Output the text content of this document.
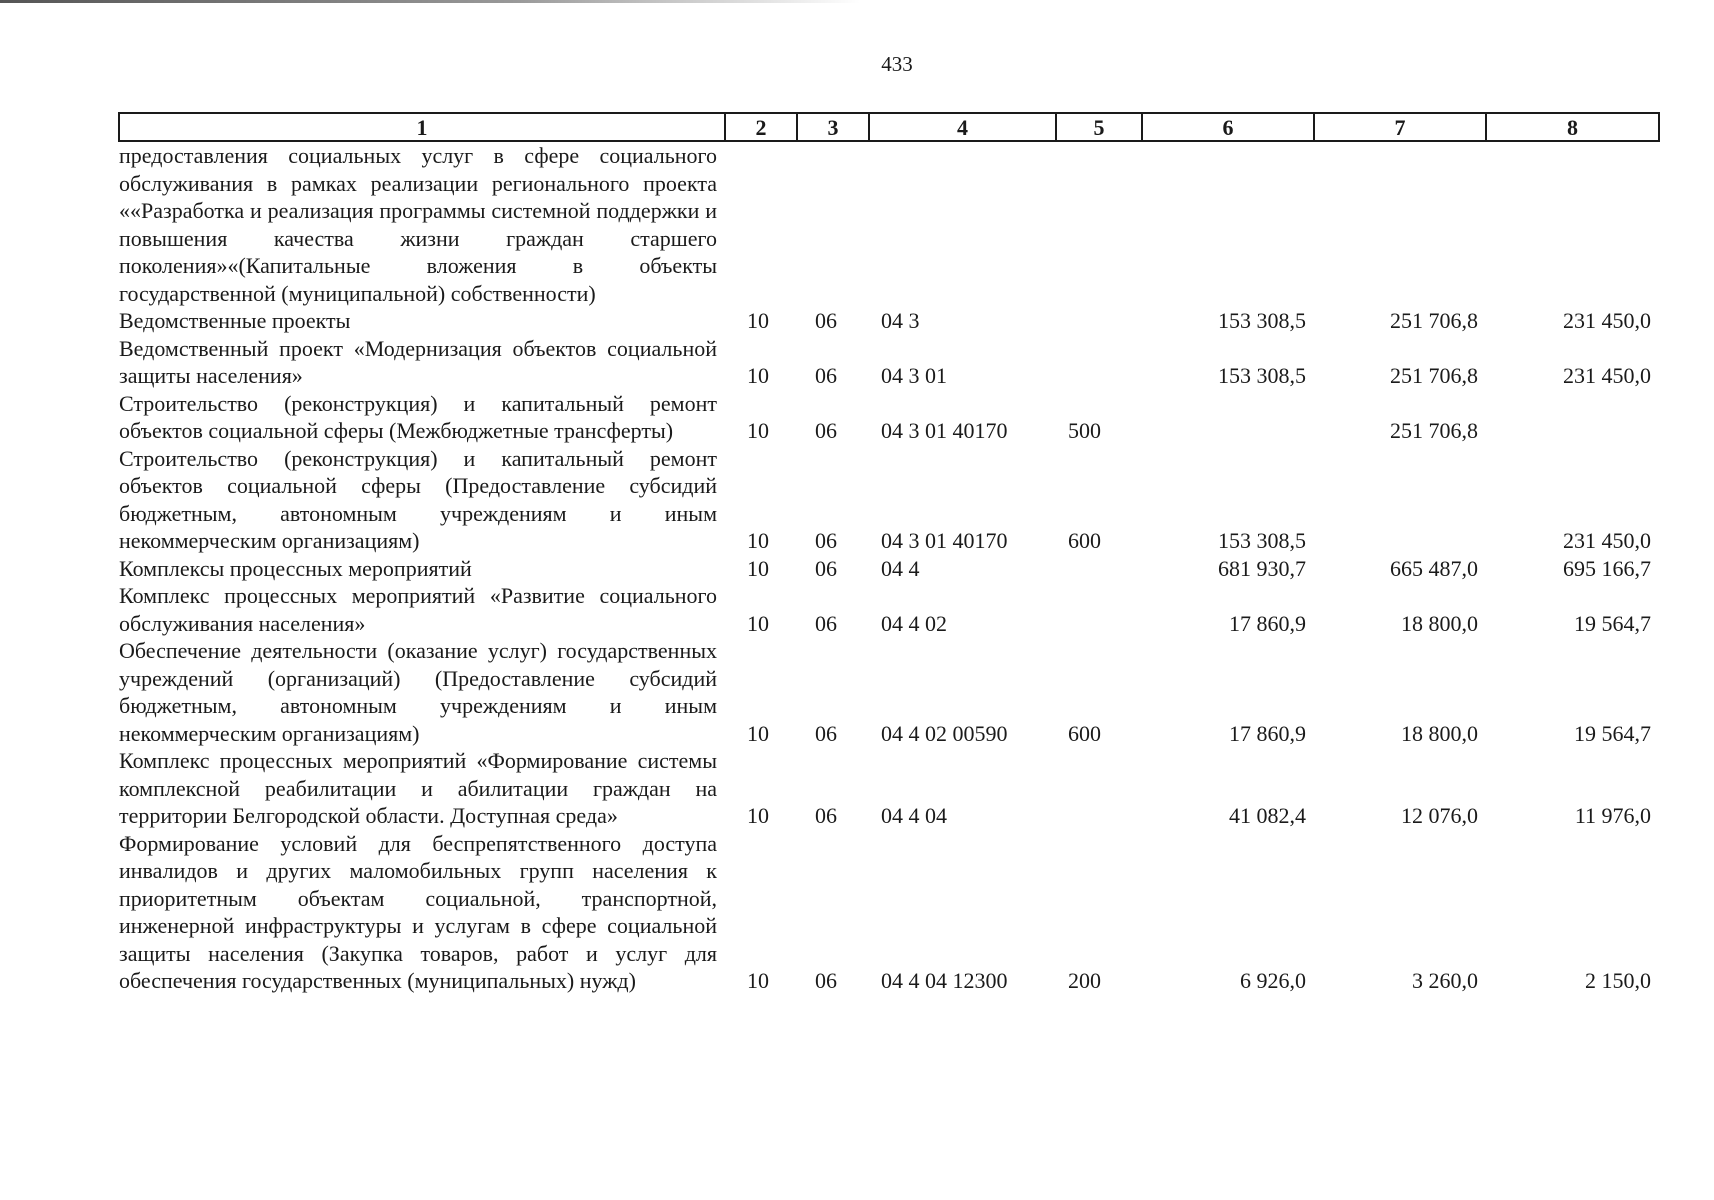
433
1	2	3	4	5	6	7	8
предоставления социальных услуг в сфере социального обслуживания в рамках реализации регионального проекта ««Разработка и реализация программы системной поддержки и повышения качества жизни граждан старшего поколения»«(Капитальные вложения в объекты государственной (муниципальной) собственности)							
Ведомственные проекты	10	06	04 3		153 308,5	251 706,8	231 450,0
Ведомственный проект «Модернизация объектов социальной защиты населения»	10	06	04 3 01		153 308,5	251 706,8	231 450,0
Строительство (реконструкция) и капитальный ремонт объектов социальной сферы (Межбюджетные трансферты)	10	06	04 3 01 40170	500		251 706,8	
Строительство (реконструкция) и капитальный ремонт объектов социальной сферы (Предоставление субсидий бюджетным, автономным учреждениям и иным некоммерческим организациям)	10	06	04 3 01 40170	600	153 308,5		231 450,0
Комплексы процессных мероприятий	10	06	04 4		681 930,7	665 487,0	695 166,7
Комплекс процессных мероприятий «Развитие социального обслуживания населения»	10	06	04 4 02		17 860,9	18 800,0	19 564,7
Обеспечение деятельности (оказание услуг) государственных учреждений (организаций) (Предоставление субсидий бюджетным, автономным учреждениям и иным некоммерческим организациям)	10	06	04 4 02 00590	600	17 860,9	18 800,0	19 564,7
Комплекс процессных мероприятий «Формирование системы комплексной реабилитации и абилитации граждан на территории Белгородской области. Доступная среда»	10	06	04 4 04		41 082,4	12 076,0	11 976,0
Формирование условий для беспрепятственного доступа инвалидов и других маломобильных групп населения к приоритетным объектам социальной, транспортной, инженерной инфраструктуры и услугам в сфере социальной защиты населения (Закупка товаров, работ и услуг для обеспечения государственных (муниципальных) нужд)	10	06	04 4 04 12300	200	6 926,0	3 260,0	2 150,0
